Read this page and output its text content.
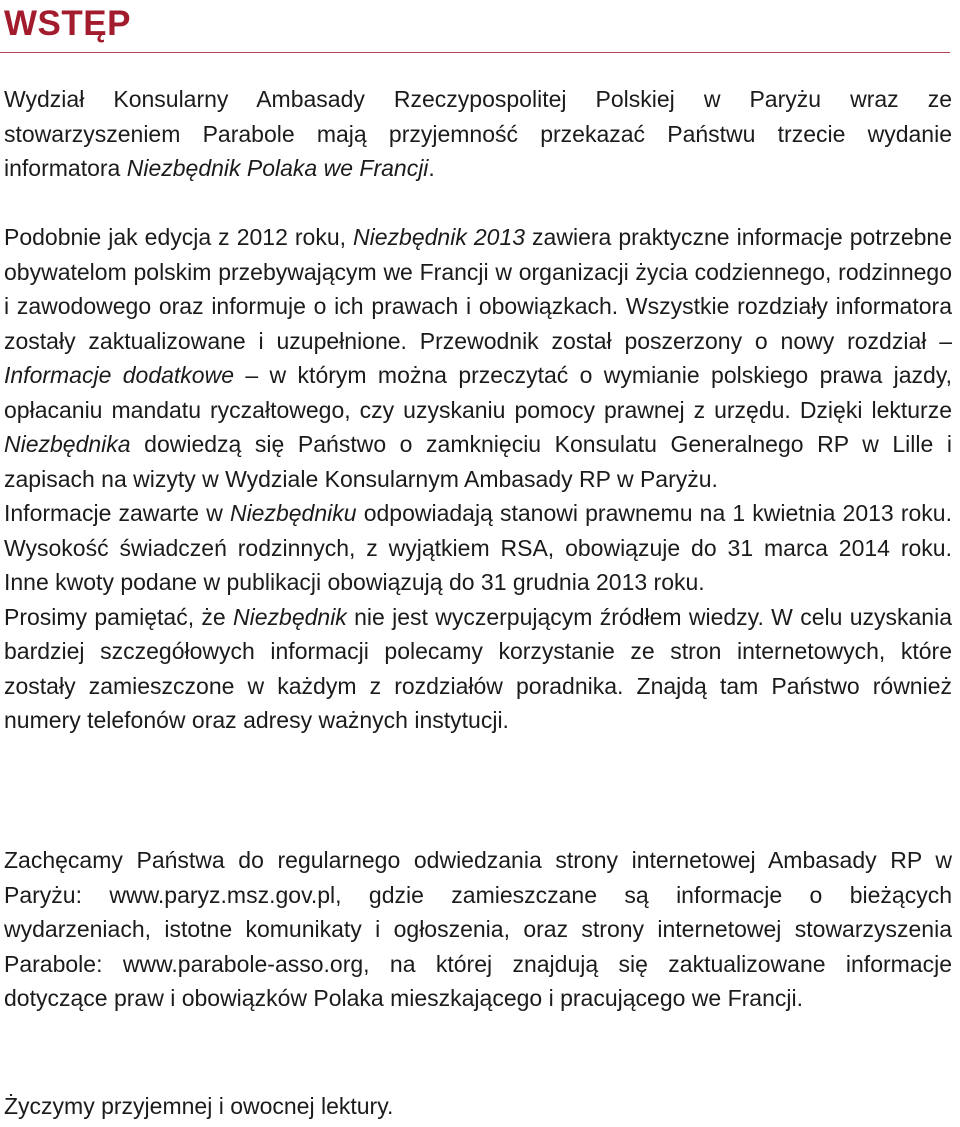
WSTĘP

Wydział Konsularny Ambasady Rzeczypospolitej Polskiej w Paryżu wraz ze stowarzyszeniem Parabole mają przyjemność przekazać Państwu trzecie wydanie informatora Niezbędnik Polaka we Francji.

Podobnie jak edycja z 2012 roku, Niezbędnik 2013 zawiera praktyczne informacje potrzebne obywatelom polskim przebywającym we Francji w organizacji życia codziennego, rodzinnego i zawodowego oraz informuje o ich prawach i obowiązkach. Wszystkie rozdziały informatora zostały zaktualizowane i uzupełnione. Przewodnik został poszerzony o nowy rozdział – Informacje dodatkowe – w którym można przeczytać o wymianie polskiego prawa jazdy, opłacaniu mandatu ryczałtowego, czy uzyskaniu pomocy prawnej z urzędu. Dzięki lekturze Niezbędnika dowiedzą się Państwo o zamknięciu Konsulatu Generalnego RP w Lille i zapisach na wizyty w Wydziale Konsularnym Ambasady RP w Paryżu.
Informacje zawarte w Niezbędniku odpowiadają stanowi prawnemu na 1 kwietnia 2013 roku. Wysokość świadczeń rodzinnych, z wyjątkiem RSA, obowiązuje do 31 marca 2014 roku. Inne kwoty podane w publikacji obowiązują do 31 grudnia 2013 roku.
Prosimy pamiętać, że Niezbędnik nie jest wyczerpującym źródłem wiedzy. W celu uzyskania bardziej szczegółowych informacji polecamy korzystanie ze stron internetowych, które zostały zamieszczone w każdym z rozdziałów poradnika. Znajdą tam Państwo również numery telefonów oraz adresy ważnych instytucji.

Zachęcamy Państwa do regularnego odwiedzania strony internetowej Ambasady RP w Paryżu: www.paryz.msz.gov.pl, gdzie zamieszczane są informacje o bieżących wydarzeniach, istotne komunikaty i ogłoszenia, oraz strony internetowej stowarzyszenia Parabole: www.parabole-asso.org, na której znajdują się zaktualizowane informacje dotyczące praw i obowiązków Polaka mieszkającego i pracującego we Francji.

Życzymy przyjemnej i owocnej lektury.
